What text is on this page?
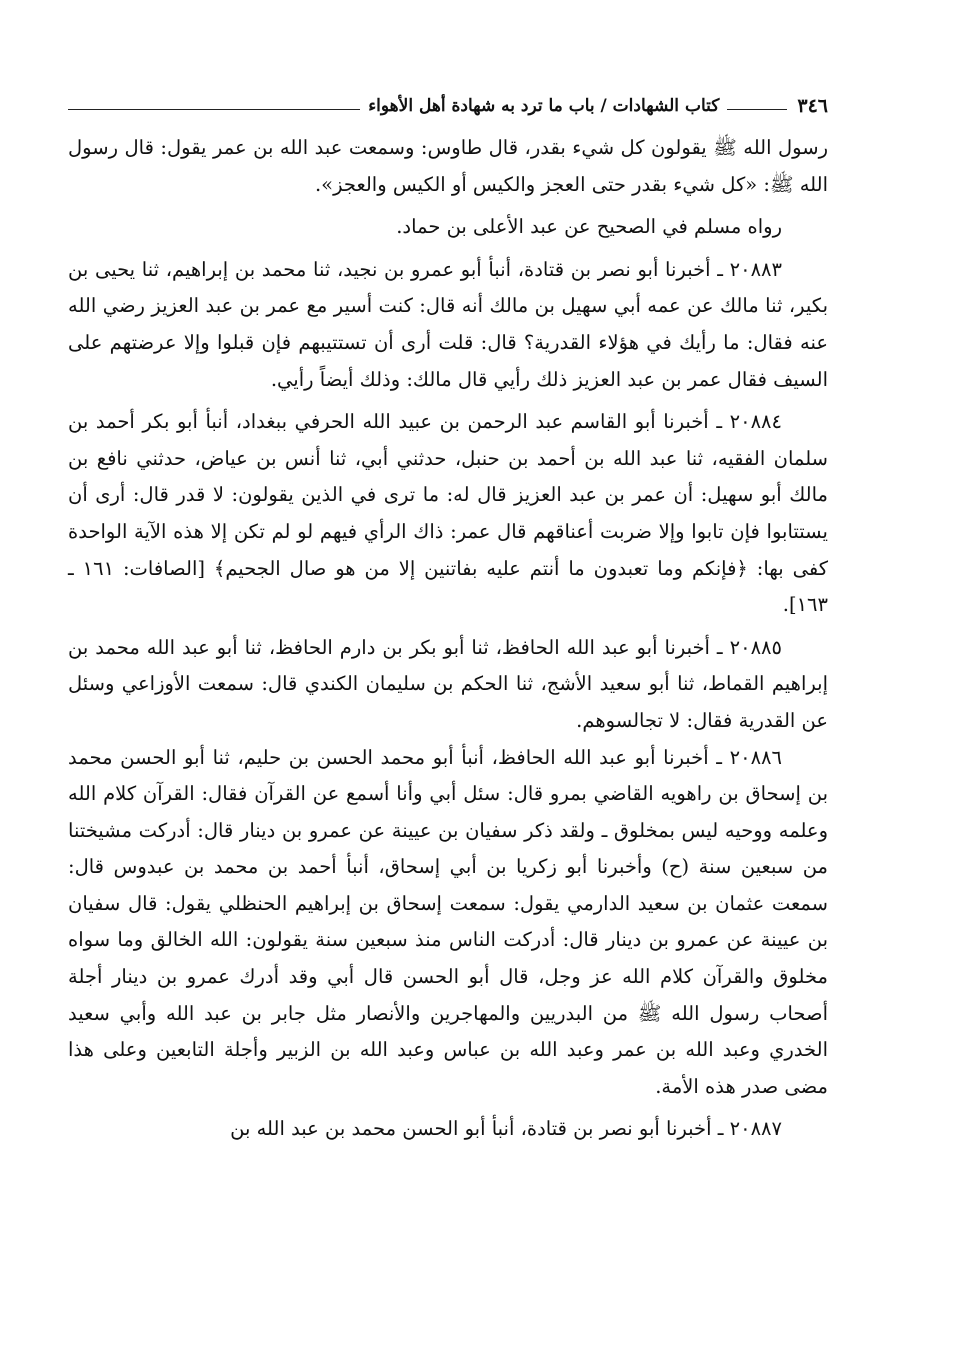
٣٤٦
كتاب الشهادات / باب ما ترد به شهادة أهل الأهواء

رسول الله ﷺ يقولون كل شيء بقدر، قال طاوس: وسمعت عبد الله بن عمر يقول: قال رسول الله ﷺ: «كل شيء بقدر حتى العجز والكيس أو الكيس والعجز».

رواه مسلم في الصحيح عن عبد الأعلى بن حماد.

٢٠٨٨٣ ـ أخبرنا أبو نصر بن قتادة، أنبأ أبو عمرو بن نجيد، ثنا محمد بن إبراهيم، ثنا يحيى بن بكير، ثنا مالك عن عمه أبي سهيل بن مالك أنه قال: كنت أسير مع عمر بن عبد العزيز رضي الله عنه فقال: ما رأيك في هؤلاء القدرية؟ قال: قلت أرى أن تستتيبهم فإن قبلوا وإلا عرضتهم على السيف فقال عمر بن عبد العزيز ذلك رأيي قال مالك: وذلك أيضاً رأيي.

٢٠٨٨٤ ـ أخبرنا أبو القاسم عبد الرحمن بن عبيد الله الحرفي ببغداد، أنبأ أبو بكر أحمد بن سلمان الفقيه، ثنا عبد الله بن أحمد بن حنبل، حدثني أبي، ثنا أنس بن عياض، حدثني نافع بن مالك أبو سهيل: أن عمر بن عبد العزيز قال له: ما ترى في الذين يقولون: لا قدر قال: أرى أن يستتابوا فإن تابوا وإلا ضربت أعناقهم قال عمر: ذاك الرأي فيهم لو لم تكن إلا هذه الآية الواحدة كفى بها: ﴿فإنكم وما تعبدون ما أنتم عليه بفاتنين إلا من هو صال الجحيم﴾ [الصافات: ١٦١ ـ ١٦٣].

٢٠٨٨٥ ـ أخبرنا أبو عبد الله الحافظ، ثنا أبو بكر بن دارم الحافظ، ثنا أبو عبد الله محمد بن إبراهيم القماط، ثنا أبو سعيد الأشج، ثنا الحكم بن سليمان الكندي قال: سمعت الأوزاعي وسئل عن القدرية فقال: لا تجالسوهم.

٢٠٨٨٦ ـ أخبرنا أبو عبد الله الحافظ، أنبأ أبو محمد الحسن بن حليم، ثنا أبو الحسن محمد بن إسحاق بن راهويه القاضي بمرو قال: سئل أبي وأنا أسمع عن القرآن فقال: القرآن كلام الله وعلمه ووحيه ليس بمخلوق ـ ولقد ذكر سفيان بن عيينة عن عمرو بن دينار قال: أدركت مشيختنا من سبعين سنة (ح) وأخبرنا أبو زكريا بن أبي إسحاق، أنبأ أحمد بن محمد بن عبدوس قال: سمعت عثمان بن سعيد الدارمي يقول: سمعت إسحاق بن إبراهيم الحنظلي يقول: قال سفيان بن عيينة عن عمرو بن دينار قال: أدركت الناس منذ سبعين سنة يقولون: الله الخالق وما سواه مخلوق والقرآن كلام الله عز وجل، قال أبو الحسن قال أبي وقد أدرك عمرو بن دينار أجلة أصحاب رسول الله ﷺ من البدريين والمهاجرين والأنصار مثل جابر بن عبد الله وأبي سعيد الخدري وعبد الله بن عمر وعبد الله بن عباس وعبد الله بن الزبير وأجلة التابعين وعلى هذا مضى صدر هذه الأمة.

٢٠٨٨٧ ـ أخبرنا أبو نصر بن قتادة، أنبأ أبو الحسن محمد بن عبد الله بن
